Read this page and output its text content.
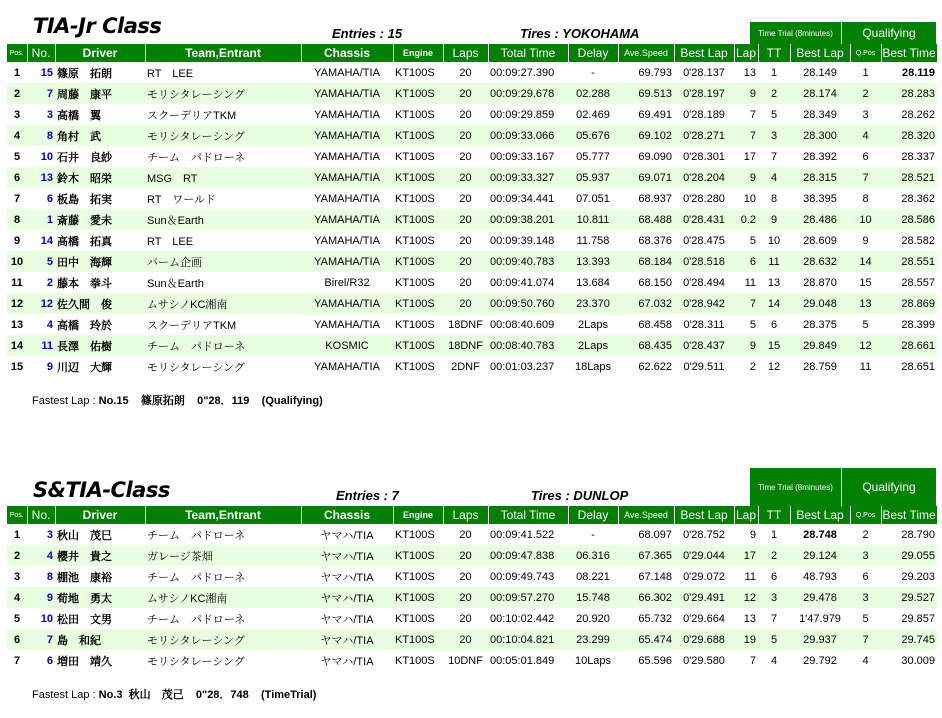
TIA-Jr Class	Entries : 15	Tires : YOKOHAMA	Time Trial (8minutes)	Qualifying
Pos.	No.	Driver	Team,Entrant	Chassis	Engine	Laps	Total Time	Delay	Ave.Speed	Best Lap	Lap	TT	Best Lap	Q.Pos	Best Time
1	15	篠原　拓朗	RT　LEE	YAMAHA/TIA	KT100S	20	00:09:27.390	-	69.793	0'28.137	13	1	28.149	1	28.119
2	7	周藤　康平	モリシタレーシング	YAMAHA/TIA	KT100S	20	00:09:29.678	02.288	69.513	0'28.197	9	2	28.174	2	28.283
3	3	高橋　翼	スクーデリアTKM	YAMAHA/TIA	KT100S	20	00:09:29.859	02.469	69.491	0'28.189	7	5	28.349	3	28.262
4	8	角村　武	モリシタレーシング	YAMAHA/TIA	KT100S	20	00:09:33.066	05.676	69.102	0'28.271	7	3	28.300	4	28.320
5	10	石井　良紗	チーム　パドローネ	YAMAHA/TIA	KT100S	20	00:09:33.167	05.777	69.090	0'28.301	17	7	28.392	6	28.337
6	13	鈴木　昭栄	MSG　RT	YAMAHA/TIA	KT100S	20	00:09:33.327	05.937	69.071	0'28.204	9	4	28.315	7	28.521
7	6	板島　拓実	RT　ワールド	YAMAHA/TIA	KT100S	20	00:09:34.441	07.051	68.937	0'28.280	10	8	38.395	8	28.362
8	1	斎藤　愛未	Sun＆Earth	YAMAHA/TIA	KT100S	20	00:09:38.201	10.811	68.488	0'28.431	0.2	9	28.486	10	28.586
9	14	高橋　拓真	RT　LEE	YAMAHA/TIA	KT100S	20	00:09:39.148	11.758	68.376	0'28.475	5	10	28.609	9	28.582
10	5	田中　海輝	バーム企画	YAMAHA/TIA	KT100S	20	00:09:40.783	13.393	68.184	0'28.518	6	11	28.632	14	28.551
11	2	藤本　拳斗	Sun＆Earth	Birel/R32	KT100S	20	00:09:41.074	13.684	68.150	0'28.494	11	13	28.870	15	28.557
12	12	佐久間　俊	ムサシノKC湘南	YAMAHA/TIA	KT100S	20	00:09:50.760	23.370	67.032	0'28.942	7	14	29.048	13	28.869
13	4	高橋　玲於	スクーデリアTKM	YAMAHA/TIA	KT100S	18DNF	00:08:40.609	2Laps	68.458	0'28.311	5	6	28.375	5	28.399
14	11	長澤　佑樹	チーム　パドローネ	KOSMIC	KT100S	18DNF	00:08:40.783	2Laps	68.435	0'28.437	9	15	29.849	12	28.661
15	9	川辺　大輝	モリシタレーシング	YAMAHA/TIA	KT100S	2DNF	00:01:03.237	18Laps	62.622	0'29.511	2	12	28.759	11	28.651
Fastest Lap : No.15 篠原拓朗 0"28．119 (Qualifying)
S&TIA-Class	Entries : 7	Tires : DUNLOP
Time Trial (8minutes)	Qualifying
Pos.	No.	Driver	Team,Entrant	Chassis	Engine	Laps	Total Time	Delay	Ave.Speed	Best Lap	Lap	TT	Best Lap	Q.Pos	Best Time
1	3	秋山　茂巳	チーム　パドローネ	ヤマハ/TIA	KT100S	20	00:09:41.522	-	68.097	0'28.752	9	1	28.748	2	28.790
2	4	櫻井　貴之	ガレージ茶畑	ヤマハ/TIA	KT100S	20	00:09:47.838	06.316	67.365	0'29.044	17	2	29.124	3	29.055
3	8	棚池　康裕	チーム　パドローネ	ヤマハ/TIA	KT100S	20	00:09:49.743	08.221	67.148	0'29.072	11	6	48.793	6	29.203
4	9	荀地　勇太	ムサシノKC湘南	ヤマハ/TIA	KT100S	20	00:09:57.270	15.748	66.302	0'29.491	12	3	29.478	3	29.527
5	10	松田　文男	チーム　パドローネ	ヤマハ/TIA	KT100S	20	00:10:02.442	20.920	65.732	0'29.664	13	7	1'47.979	5	29.857
6	7	島　和紀	モリシタレーシング	ヤマハ/TIA	KT100S	20	00:10:04.821	23.299	65.474	0'29.688	19	5	29.937	7	29.745
7	6	増田　靖久	モリシタレーシング	ヤマハ/TIA	KT100S	10DNF	00:05:01.849	10Laps	65.596	0'29.580	7	4	29.792	4	30.009
Fastest Lap : No.3 秋山　茂己 0"28．748 (TimeTrial)
